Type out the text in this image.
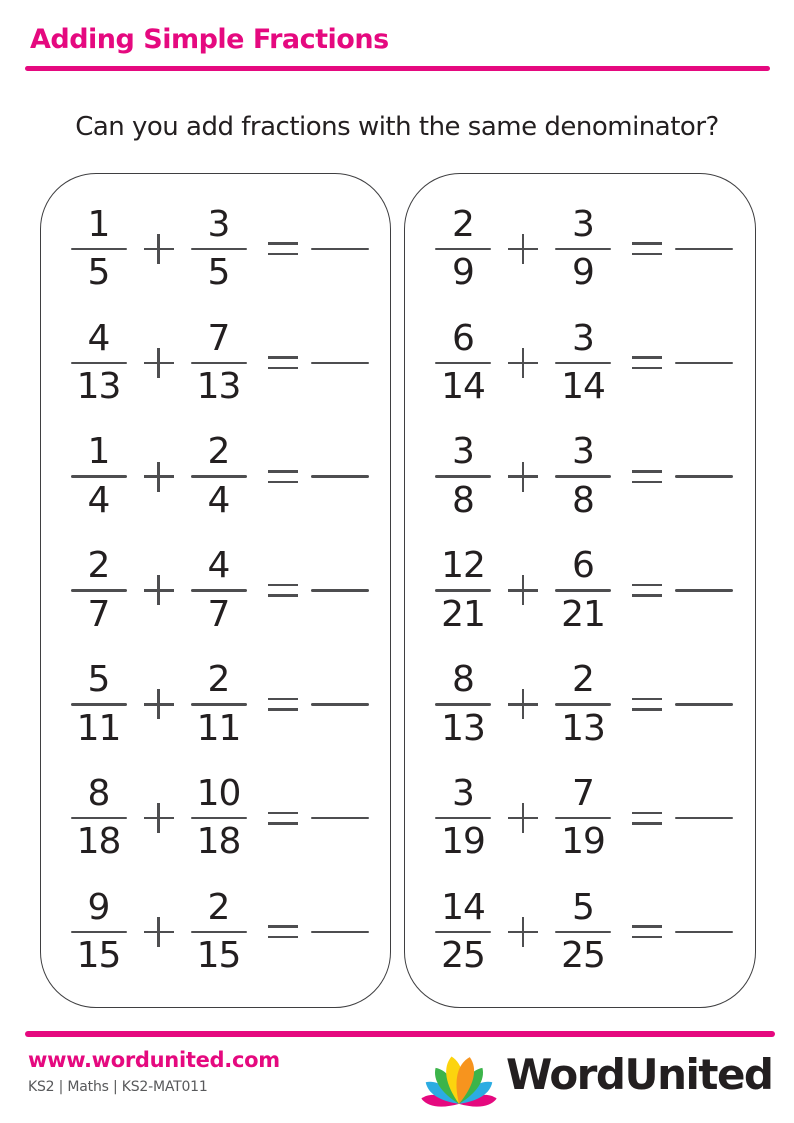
Adding Simple Fractions
Can you add fractions with the same denominator?
$\frac{1}{5} \frac{3}{5}$
$\frac{4}{13} \frac{7}{13}$
$\frac{1}{4} \frac{2}{4}$
$\frac{2}{7} \frac{4}{7}$
$\frac{5}{11} \frac{2}{11}$
$\frac{8}{18} \frac{10}{18}$
$\frac{9}{15} \frac{2}{15}$
$\frac{2}{9} \frac{3}{9}$
$\frac{6}{14} \frac{3}{14}$
$\frac{3}{8} \frac{3}{8}$
$\frac{12}{21} \frac{6}{21}$
$\frac{8}{13} \frac{2}{13}$
$\frac{3}{19} \frac{7}{19}$
$\frac{14}{25} \frac{5}{25}$
www.wordunited.com
KS2 | Maths | KS2-MAT011	WordUnited
